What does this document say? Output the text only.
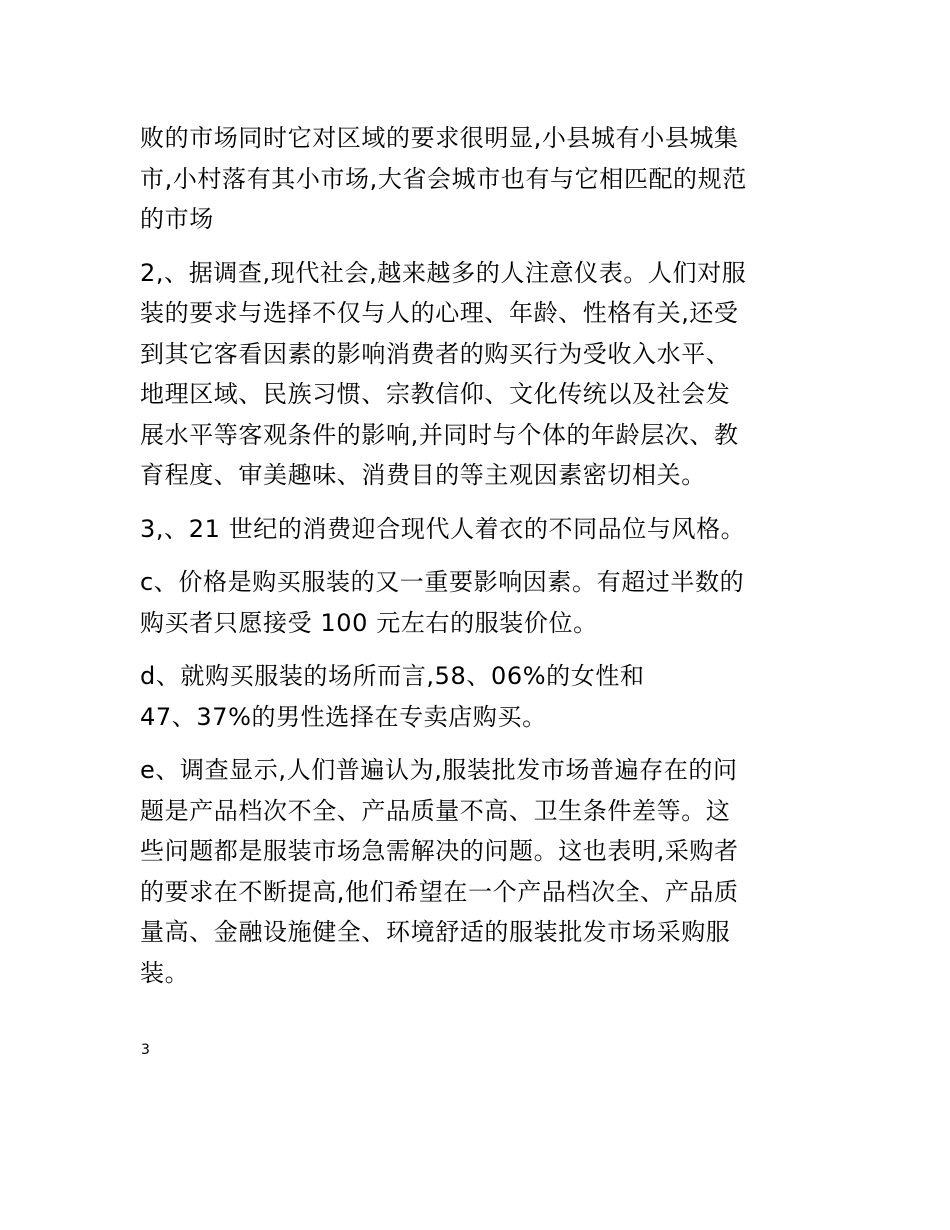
败的市场同时它对区域的要求很明显,小县城有小县城集
市,小村落有其小市场,大省会城市也有与它相匹配的规范
的市场

2,、据调查,现代社会,越来越多的人注意仪表。人们对服
装的要求与选择不仅与人的心理、年龄、性格有关,还受
到其它客看因素的影响消费者的购买行为受收入水平、
地理区域、民族习惯、宗教信仰、文化传统以及社会发
展水平等客观条件的影响,并同时与个体的年龄层次、教
育程度、审美趣味、消费目的等主观因素密切相关。

3,、21 世纪的消费迎合现代人着衣的不同品位与风格。

c、价格是购买服装的又一重要影响因素。有超过半数的
购买者只愿接受 100 元左右的服装价位。

d、就购买服装的场所而言,58、06%的女性和
47、37%的男性选择在专卖店购买。

e、调查显示,人们普遍认为,服装批发市场普遍存在的问
题是产品档次不全、产品质量不高、卫生条件差等。这
些问题都是服装市场急需解决的问题。这也表明,采购者
的要求在不断提高,他们希望在一个产品档次全、产品质
量高、金融设施健全、环境舒适的服装批发市场采购服
装。

3
